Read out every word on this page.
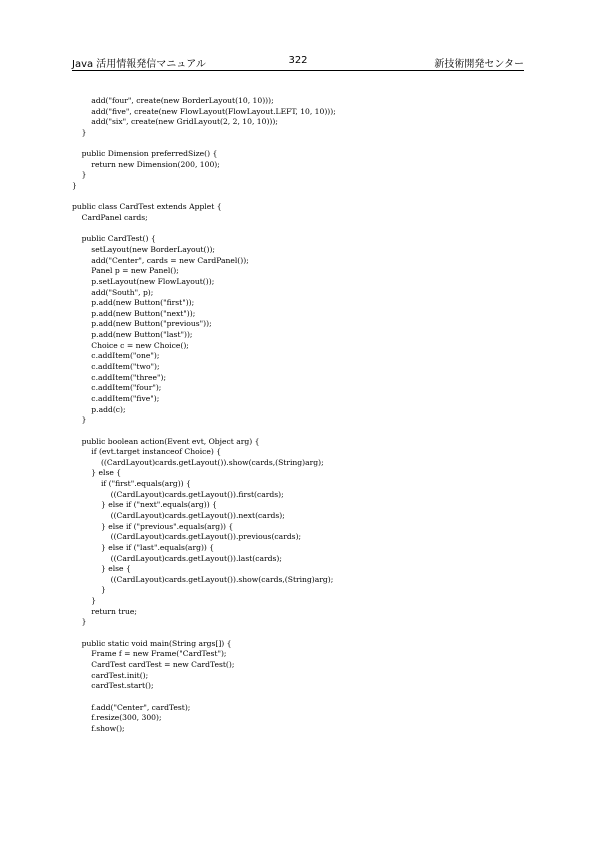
Java 活用情報発信マニュアル	322	新技術開発センター
add("four", create(new BorderLayout(10, 10)));
add("five", create(new FlowLayout(FlowLayout.LEFT, 10, 10)));
add("six", create(new GridLayout(2, 2, 10, 10)));
}
public Dimension preferredSize() {
return new Dimension(200, 100);
}
}
public class CardTest extends Applet {
CardPanel cards;
public CardTest() {
setLayout(new BorderLayout());
add("Center", cards = new CardPanel());
Panel p = new Panel();
p.setLayout(new FlowLayout());
add("South", p);
p.add(new Button("first"));
p.add(new Button("next"));
p.add(new Button("previous"));
p.add(new Button("last"));
Choice c = new Choice();
c.addItem("one");
c.addItem("two");
c.addItem("three");
c.addItem("four");
c.addItem("five");
p.add(c);
}
public boolean action(Event evt, Object arg) {
if (evt.target instanceof Choice) {
((CardLayout)cards.getLayout()).show(cards,(String)arg);
} else {
if ("first".equals(arg)) {
((CardLayout)cards.getLayout()).first(cards);
} else if ("next".equals(arg)) {
((CardLayout)cards.getLayout()).next(cards);
} else if ("previous".equals(arg)) {
((CardLayout)cards.getLayout()).previous(cards);
} else if ("last".equals(arg)) {
((CardLayout)cards.getLayout()).last(cards);
} else {
((CardLayout)cards.getLayout()).show(cards,(String)arg);
}
}
return true;
}
public static void main(String args[]) {
Frame f = new Frame("CardTest");
CardTest cardTest = new CardTest();
cardTest.init();
cardTest.start();
f.add("Center", cardTest);
f.resize(300, 300);
f.show();
